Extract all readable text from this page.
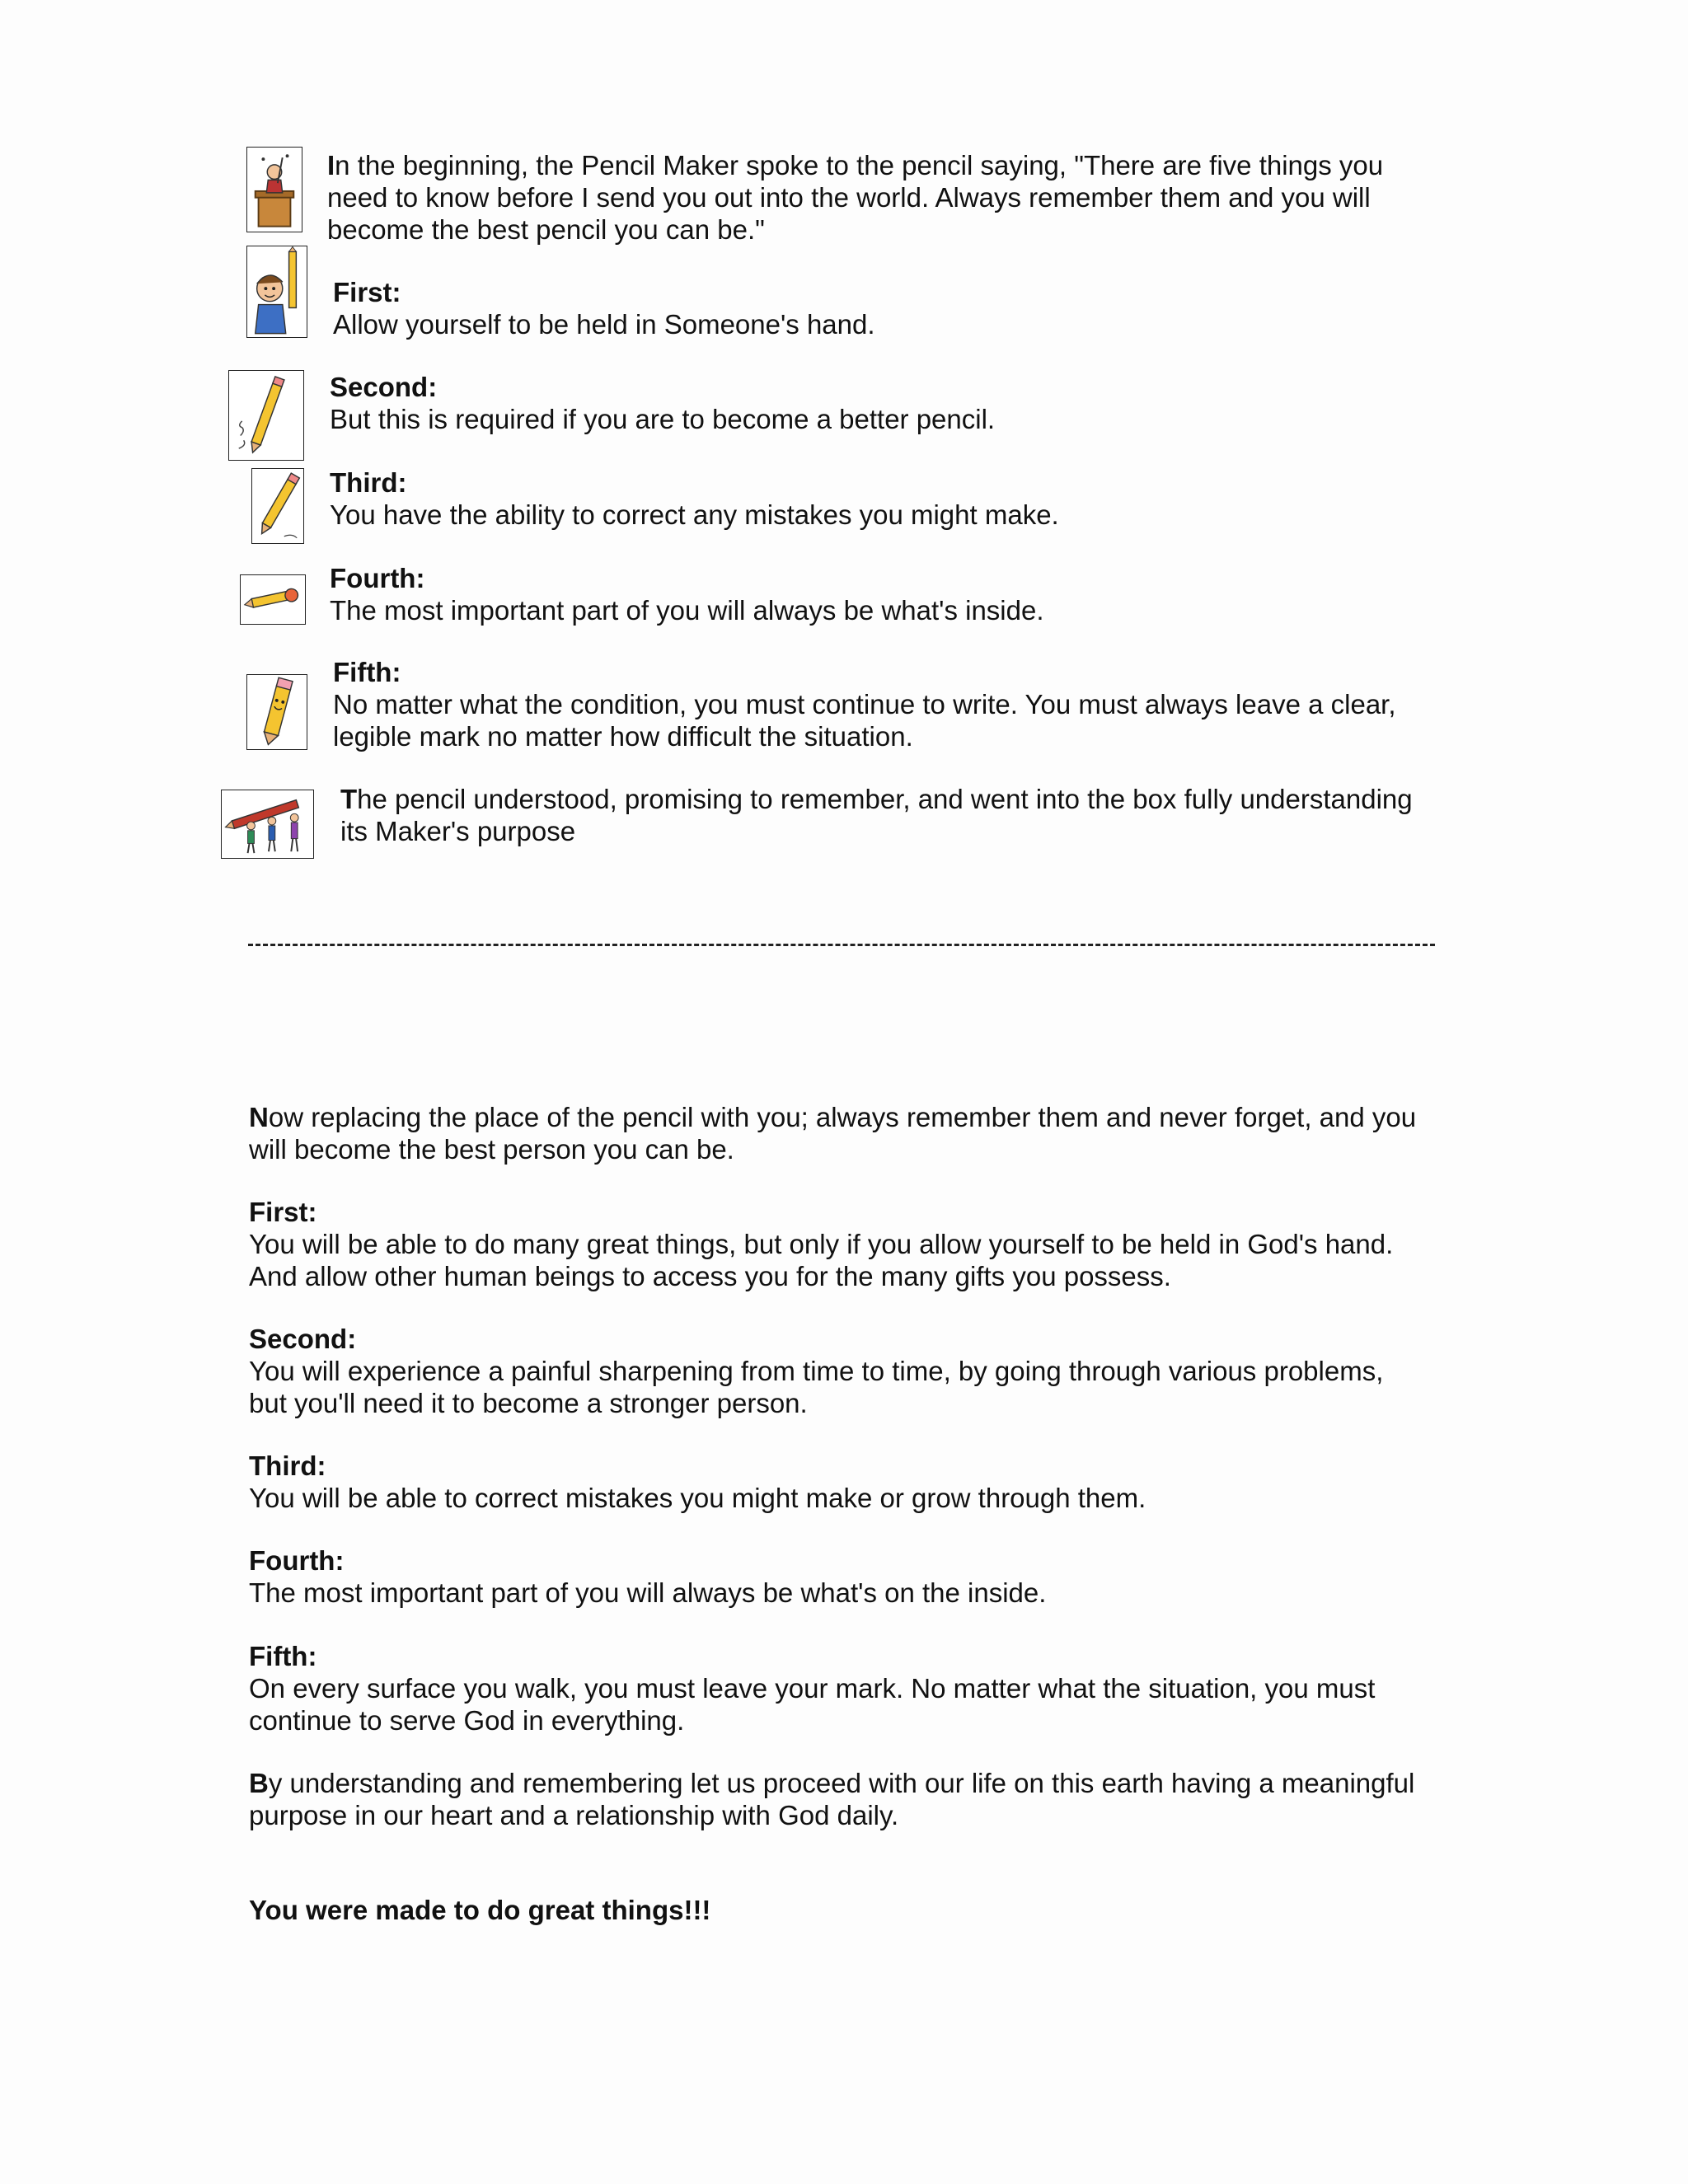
In the beginning, the Pencil Maker spoke to the pencil saying, "There are five things you
need to know before I send you out into the world. Always remember them and you will
become the best pencil you can be."
First:
Allow yourself to be held in Someone's hand.
Second:
But this is required if you are to become a better pencil.
Third:
You have the ability to correct any mistakes you might make.
Fourth:
The most important part of you will always be what's inside.
Fifth:
No matter what the condition, you must continue to write. You must always leave a clear,
legible mark no matter how difficult the situation.
The pencil understood, promising to remember, and went into the box fully understanding
its Maker's purpose
Now replacing the place of the pencil with you; always remember them and never forget, and you
will become the best person you can be.
First:
You will be able to do many great things, but only if you allow yourself to be held in God's hand.
And allow other human beings to access you for the many gifts you possess.
Second:
You will experience a painful sharpening from time to time, by going through various problems,
but you'll need it to become a stronger person.
Third:
You will be able to correct mistakes you might make or grow through them.
Fourth:
The most important part of you will always be what's on the inside.
Fifth:
On every surface you walk, you must leave your mark. No matter what the situation, you must
continue to serve God in everything.
By understanding and remembering let us proceed with our life on this earth having a meaningful
purpose in our heart and a relationship with God daily.
You were made to do great things!!!
